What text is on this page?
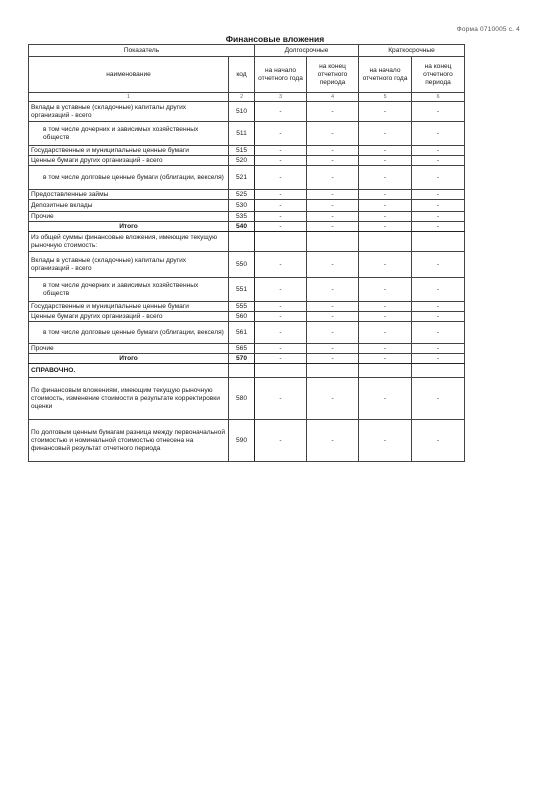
Форма 0710005 с. 4
Финансовые вложения
Показатель		Долгосрочные		Краткосрочные	
наименование	код	на начало отчетного года	на конец отчетного периода	на начало отчетного года	на конец отчетного периода
1	2	3	4	5	6
Вклады в уставные (складочные) капиталы других организаций - всего	510	-	-	-	-
в том числе дочерних и зависимых хозяйственных обществ	511	-	-	-	-
Государственные и муниципальные ценные бумаги	515	-	-	-	-
Ценные бумаги других организаций - всего	520	-	-	-	-
в том числе долговые ценные бумаги (облигации, векселя)	521	-	-	-	-
Предоставленные займы	525	-	-	-	-
Депозитные вклады	530	-	-	-	-
Прочие	535	-	-	-	-
Итого	540	-	-	-	-
Из общей суммы финансовые вложения, имеющие текущую рыночную стоимость:					
Вклады в уставные (складочные) капиталы других организаций - всего	550	-	-	-	-
в том числе дочерних и зависимых хозяйственных обществ	551	-	-	-	-
Государственные и муниципальные ценные бумаги	555	-	-	-	-
Ценные бумаги других организаций - всего	560	-	-	-	-
в том числе долговые ценные бумаги (облигации, векселя)	561	-	-	-	-
Прочие	565	-	-	-	-
Итого	570	-	-	-	-
СПРАВОЧНО.					
По финансовым вложениям, имеющим текущую рыночную стоимость, изменение стоимости в результате корректировки оценки	580	-	-	-	-
По долговым ценным бумагам разница между первоначальной стоимостью и номинальной стоимостью отнесена на финансовый результат отчетного периода	590	-	-	-	-
